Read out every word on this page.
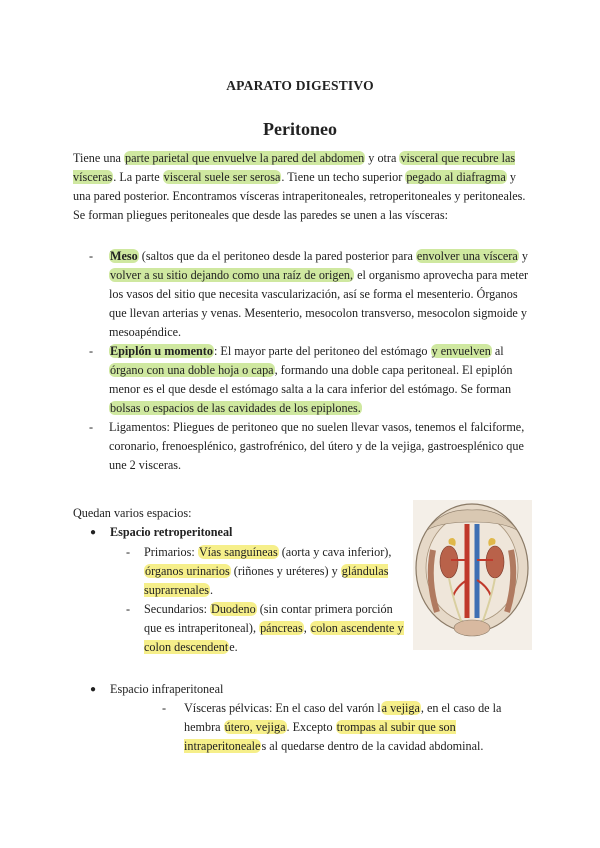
APARATO DIGESTIVO
Peritoneo
Tiene una parte parietal que envuelve la pared del abdomen y otra visceral que recubre las vísceras. La parte visceral suele ser serosa. Tiene un techo superior pegado al diafragma y una pared posterior. Encontramos vísceras intraperitoneales, retroperitoneales y peritoneales. Se forman pliegues peritoneales que desde las paredes se unen a las vísceras:
- Meso (saltos que da el peritoneo desde la pared posterior para envolver una víscera y volver a su sitio dejando como una raíz de origen, el organismo aprovecha para meter los vasos del sitio que necesita vascularización, así se forma el mesenterio. Órganos que llevan arterias y venas. Mesenterio, mesocolon transverso, mesocolon sigmoide y mesoapéndice.
- Epiplón u momento: El mayor parte del peritoneo del estómago y envuelven al órgano con una doble hoja o capa, formando una doble capa peritoneal. El epiplón menor es el que desde el estómago salta a la cara inferior del estómago. Se forman bolsas o espacios de las cavidades de los epiplones.
- Ligamentos: Pliegues de peritoneo que no suelen llevar vasos, tenemos el falciforme, coronario, frenoesplénico, gastrofrénico, del útero y de la vejiga, gastroesplénico que une 2 visceras.
Quedan varios espacios:
● Espacio retroperitoneal
- Primarios: Vías sanguíneas (aorta y cava inferior), órganos urinarios (riñones y uréteres) y glándulas suprarrenales.
- Secundarios: Duodeno (sin contar primera porción que es intraperitoneal), páncreas, colon ascendente y colon descendente.
● Espacio infraperitoneal
- Vísceras pélvicas: En el caso del varón la vejiga, en el caso de la hembra útero, vejiga. Excepto trompas al subir que son intraperitoneales al quedarse dentro de la cavidad abdominal.
